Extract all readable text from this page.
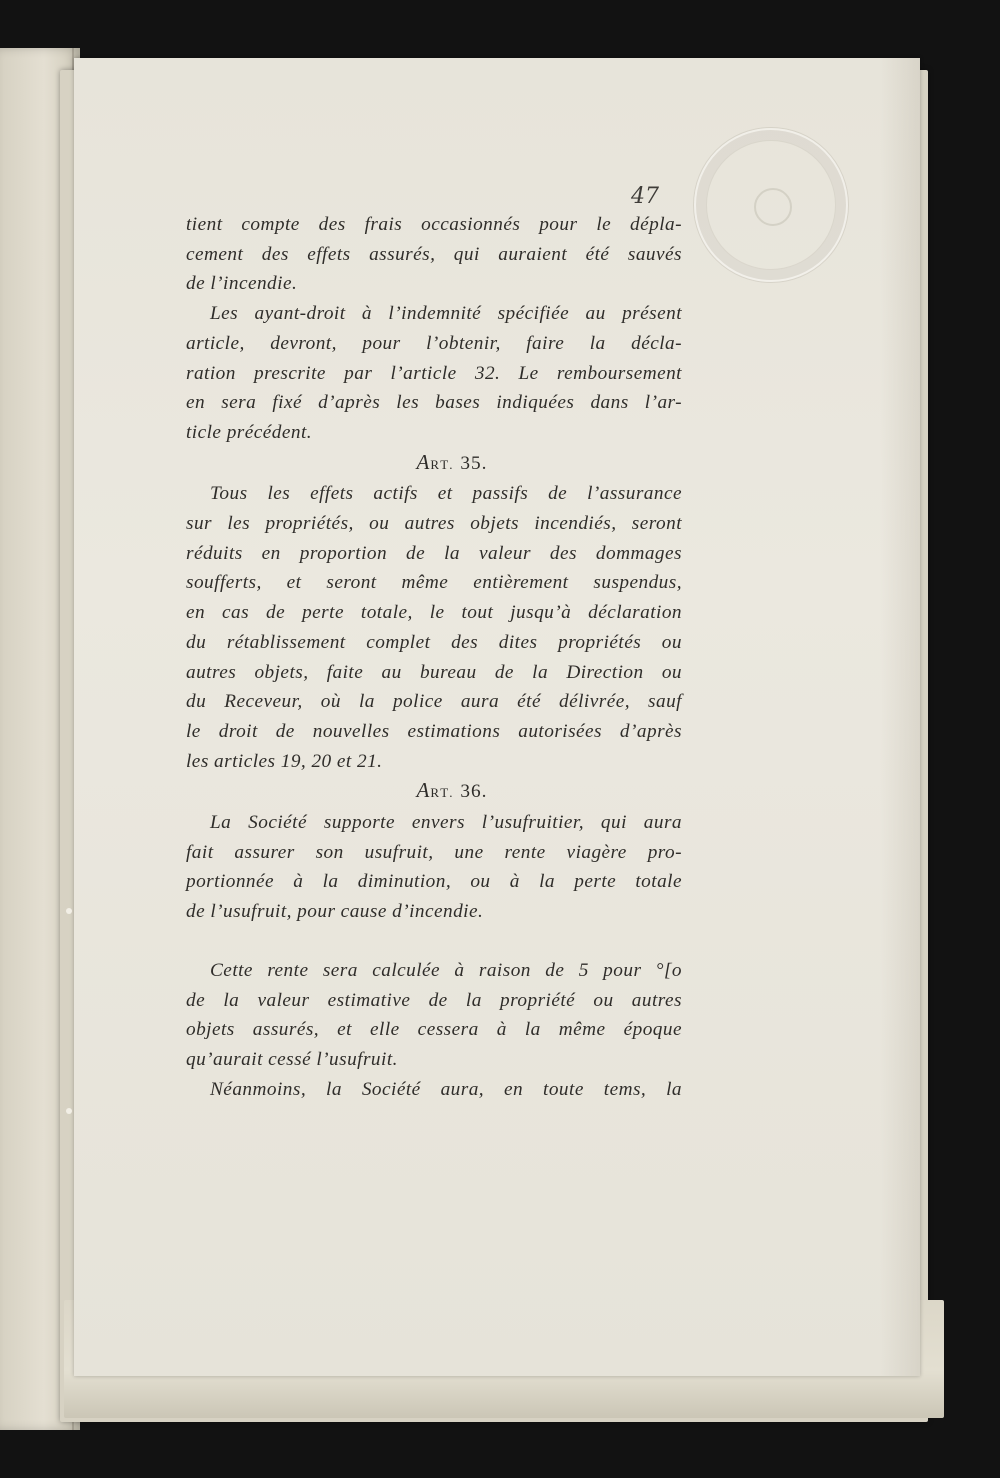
47
tient compte des frais occasionnés pour le dépla-
cement des effets assurés, qui auraient été sauvés
de l’incendie.
Les ayant-droit à l’indemnité spécifiée au présent
article, devront, pour l’obtenir, faire la décla-
ration prescrite par l’article 32. Le remboursement
en sera fixé d’après les bases indiquées dans l’ar-
ticle précédent.
ART. 35.
Tous les effets actifs et passifs de l’assurance
sur les propriétés, ou autres objets incendiés, seront
réduits en proportion de la valeur des dommages
soufferts, et seront même entièrement suspendus,
en cas de perte totale, le tout jusqu’à déclaration
du rétablissement complet des dites propriétés ou
autres objets, faite au bureau de la Direction ou
du Receveur, où la police aura été délivrée, sauf
le droit de nouvelles estimations autorisées d’après
les articles 19, 20 et 21.
ART. 36.
La Société supporte envers l’usufruitier, qui aura
fait assurer son usufruit, une rente viagère pro-
portionnée à la diminution, ou à la perte totale
de l’usufruit, pour cause d’incendie.
Cette rente sera calculée à raison de 5 pour °[o
de la valeur estimative de la propriété ou autres
objets assurés, et elle cessera à la même époque
qu’aurait cessé l’usufruit.
Néanmoins, la Société aura, en toute tems, la
